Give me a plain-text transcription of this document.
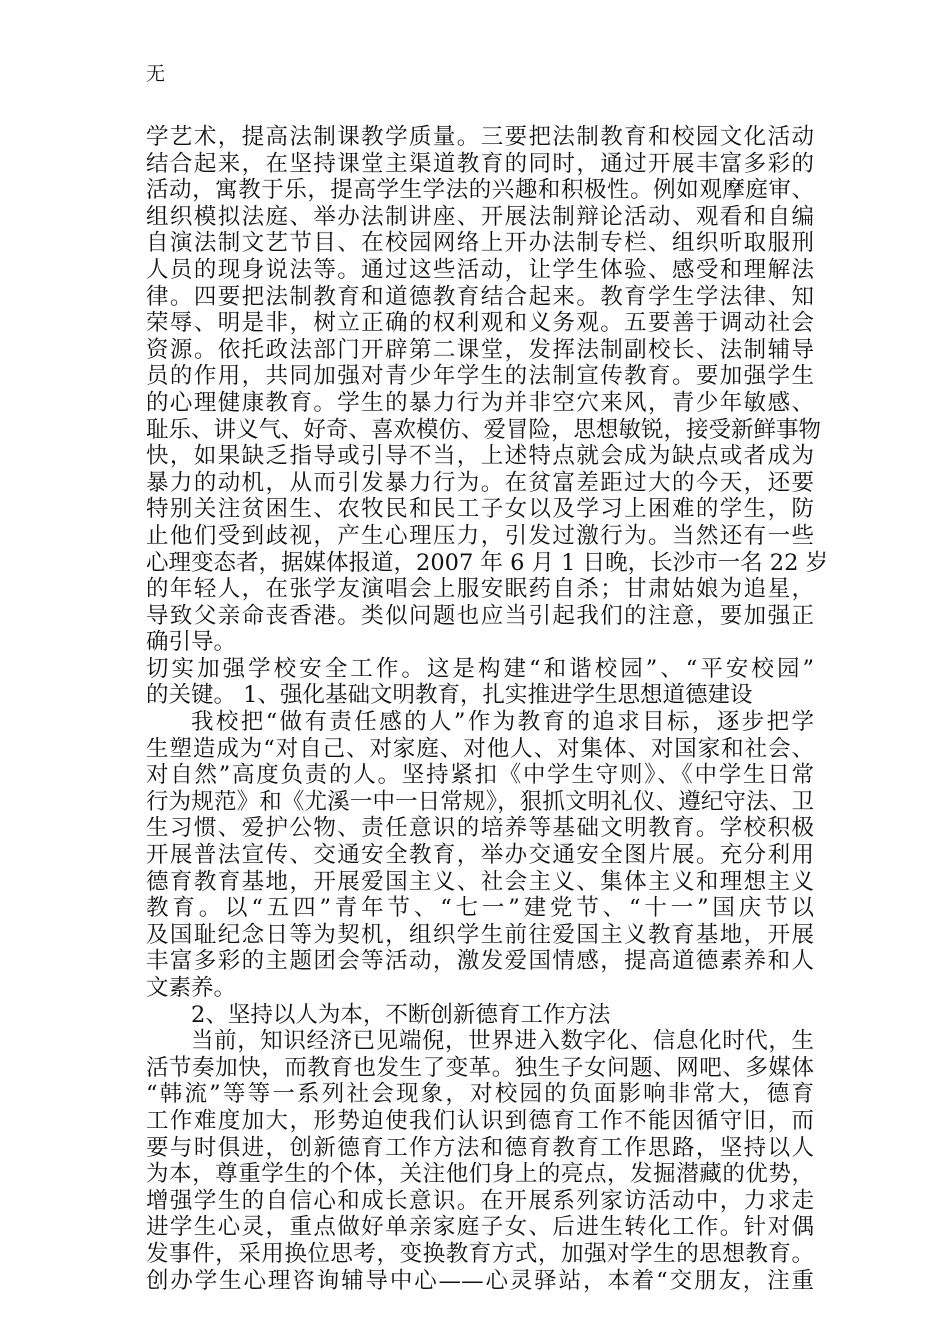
无
学艺术，提高法制课教学质量。三要把法制教育和校园文化活动
结合起来，在坚持课堂主渠道教育的同时，通过开展丰富多彩的
活动，寓教于乐，提高学生学法的兴趣和积极性。例如观摩庭审、
组织模拟法庭、举办法制讲座、开展法制辩论活动、观看和自编
自演法制文艺节目、在校园网络上开办法制专栏、组织听取服刑
人员的现身说法等。通过这些活动，让学生体验、感受和理解法
律。四要把法制教育和道德教育结合起来。教育学生学法律、知
荣辱、明是非，树立正确的权利观和义务观。五要善于调动社会
资源。依托政法部门开辟第二课堂，发挥法制副校长、法制辅导
员的作用，共同加强对青少年学生的法制宣传教育。要加强学生
的心理健康教育。学生的暴力行为并非空穴来风，青少年敏感、
耻乐、讲义气、好奇、喜欢模仿、爱冒险，思想敏锐，接受新鲜事物
快，如果缺乏指导或引导不当，上述特点就会成为缺点或者成为
暴力的动机，从而引发暴力行为。在贫富差距过大的今天，还要
特别关注贫困生、农牧民和民工子女以及学习上困难的学生，防
止他们受到歧视，产生心理压力，引发过激行为。当然还有一些
心理变态者，据媒体报道，2007 年 6 月 1 日晚，长沙市一名 22 岁
的年轻人，在张学友演唱会上服安眠药自杀；甘肃姑娘为追星，
导致父亲命丧香港。类似问题也应当引起我们的注意，要加强正
确引导。
切实加强学校安全工作。这是构建“和谐校园”、“平安校园”
的关键。 1、强化基础文明教育，扎实推进学生思想道德建设
我校把“做有责任感的人”作为教育的追求目标，逐步把学
生塑造成为“对自己、对家庭、对他人、对集体、对国家和社会、
对自然”高度负责的人。坚持紧扣《中学生守则》、《中学生日常
行为规范》和《尤溪一中一日常规》，狠抓文明礼仪、遵纪守法、卫
生习惯、爱护公物、责任意识的培养等基础文明教育。学校积极
开展普法宣传、交通安全教育，举办交通安全图片展。充分利用
德育教育基地，开展爱国主义、社会主义、集体主义和理想主义
教育。以“五四”青年节、“七一”建党节、“十一”国庆节以
及国耻纪念日等为契机，组织学生前往爱国主义教育基地，开展
丰富多彩的主题团会等活动，激发爱国情感，提高道德素养和人
文素养。
2、坚持以人为本，不断创新德育工作方法
当前，知识经济已见端倪，世界进入数字化、信息化时代，生
活节奏加快，而教育也发生了变革。独生子女问题、网吧、多媒体
“韩流”等等一系列社会现象，对校园的负面影响非常大，德育
工作难度加大，形势迫使我们认识到德育工作不能因循守旧，而
要与时俱进，创新德育工作方法和德育教育工作思路，坚持以人
为本，尊重学生的个体，关注他们身上的亮点，发掘潜藏的优势，
增强学生的自信心和成长意识。在开展系列家访活动中，力求走
进学生心灵，重点做好单亲家庭子女、后进生转化工作。针对偶
发事件，采用换位思考，变换教育方式，加强对学生的思想教育。
创办学生心理咨询辅导中心——心灵驿站，本着“交朋友，注重
